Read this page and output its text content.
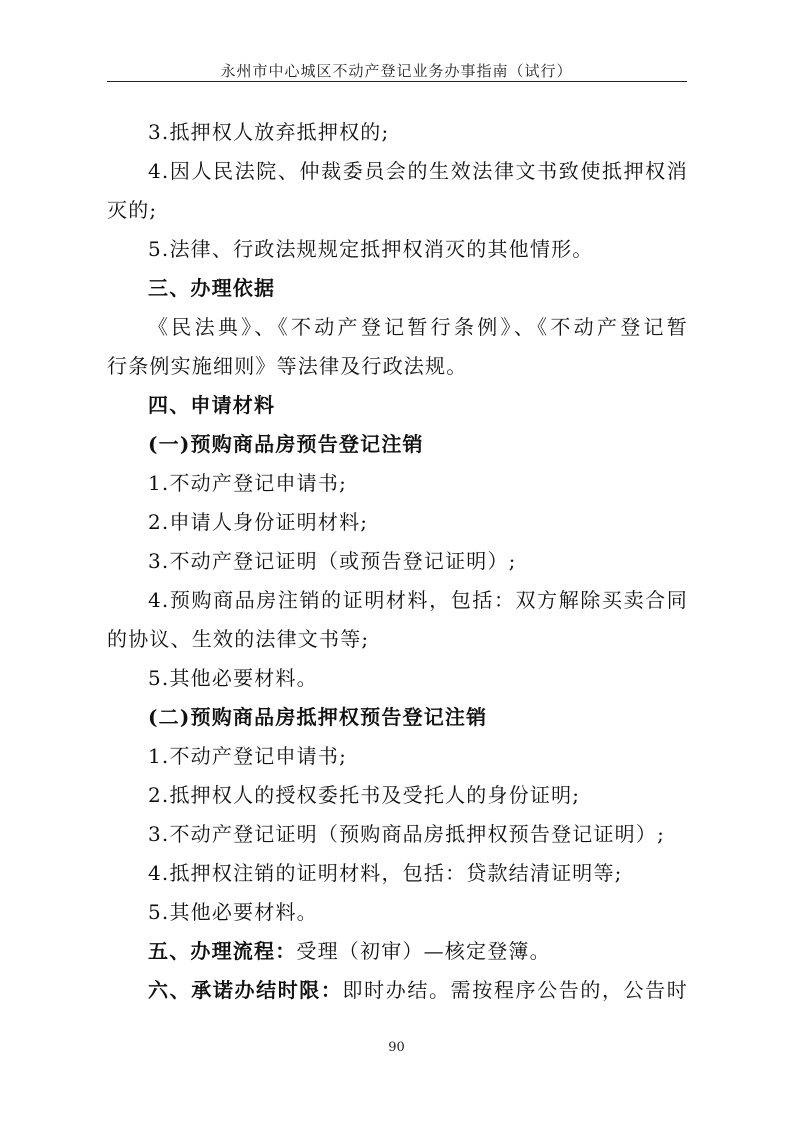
永州市中心城区不动产登记业务办事指南（试行）
3.抵押权人放弃抵押权的;
4.因人民法院、仲裁委员会的生效法律文书致使抵押权消
灭的;
5.法律、行政法规规定抵押权消灭的其他情形。
三、办理依据
《民法典》、《不动产登记暂行条例》、《不动产登记暂
行条例实施细则》等法律及行政法规。
四、申请材料
(一)预购商品房预告登记注销
1.不动产登记申请书;
2.申请人身份证明材料;
3.不动产登记证明（或预告登记证明）;
4.预购商品房注销的证明材料，包括：双方解除买卖合同
的协议、生效的法律文书等;
5.其他必要材料。
(二)预购商品房抵押权预告登记注销
1.不动产登记申请书;
2.抵押权人的授权委托书及受托人的身份证明;
3.不动产登记证明（预购商品房抵押权预告登记证明）;
4.抵押权注销的证明材料，包括：贷款结清证明等;
5.其他必要材料。
五、办理流程：受理（初审）—核定登簿。
六、承诺办结时限：即时办结。需按程序公告的，公告时
90
